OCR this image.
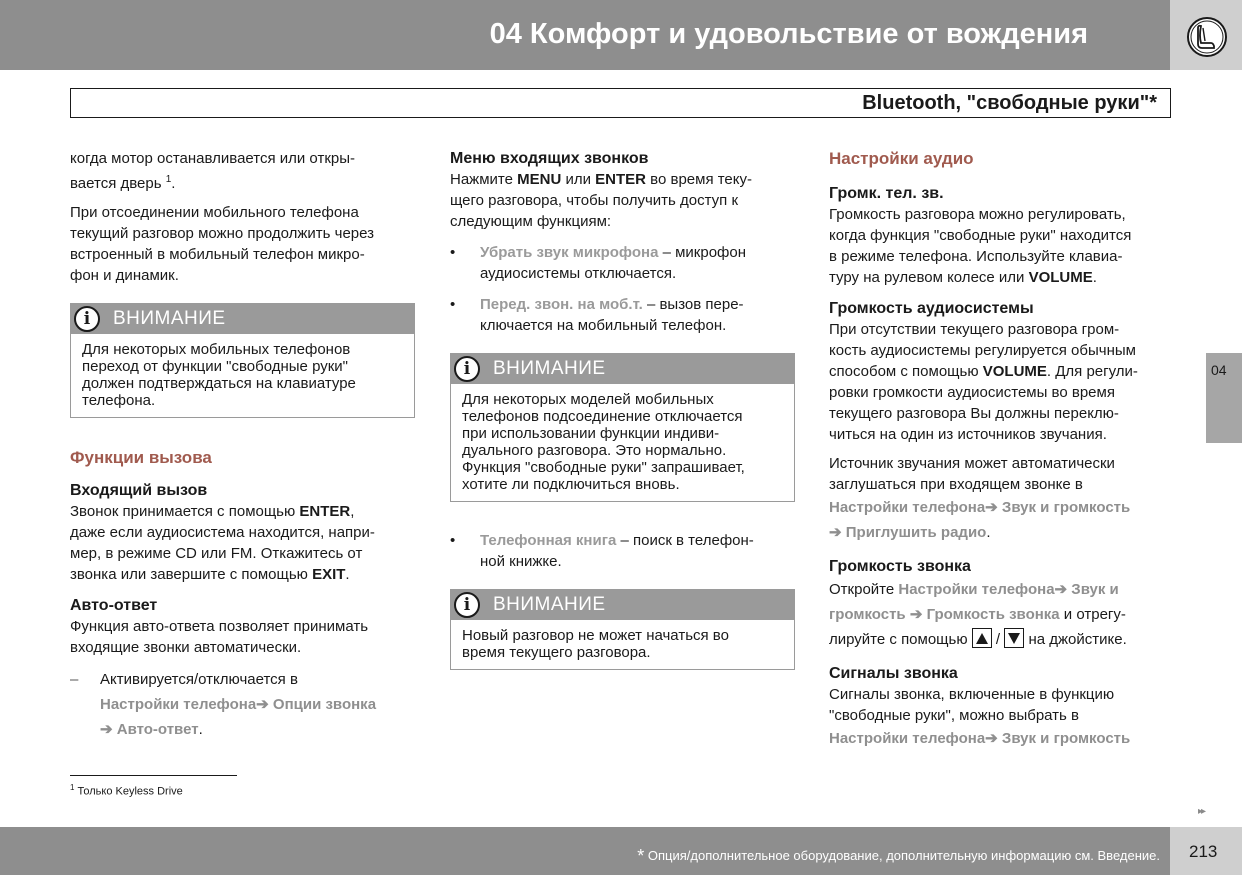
04 Комфорт и удовольствие от вождения
Bluetooth, "свободные руки"*

когда мотор останавливается или откры-
вается дверь $^1$.

При отсоединении мобильного телефона
текущий разговор можно продолжить через
встроенный в мобильный телефон микро-
фон и динамик.

i	ВНИМАНИЕ
Для некоторых мобильных телефонов
переход от функции "свободные руки"
должен подтверждаться на клавиатуре
телефона.
Функции вызова
Входящий вызов

Звонок принимается с помощью ENTER,
даже если аудиосистема находится, напри-
мер, в режиме CD или FM. Откажитесь от
звонка или завершите с помощью EXIT.

Авто-ответ

Функция авто-ответа позволяет принимать
входящие звонки автоматически.

– Активируется/отключается в
Настройки телефона➔ Опции звонка
➔ Авто-ответ.
Меню входящих звонков

Нажмите MENU или ENTER во время теку-
щего разговора, чтобы получить доступ к
следующим функциям:

• Убрать звук микрофона – микрофон
аудиосистемы отключается.
• Перед. звон. на моб.т. – вызов пере-
ключается на мобильный телефон.
i	ВНИМАНИЕ
Для некоторых моделей мобильных
телефонов подсоединение отключается
при использовании функции индиви-
дуального разговора. Это нормально.
Функция "свободные руки" запрашивает,
хотите ли подключиться вновь.
• Телефонная книга – поиск в телефон-
ной книжке.
i	ВНИМАНИЕ
Новый разговор не может начаться во
время текущего разговора.
Настройки аудио
Громк. тел. зв.

Громкость разговора можно регулировать,
когда функция "свободные руки" находится
в режиме телефона. Используйте клавиа-
туру на рулевом колесе или VOLUME.

Громкость аудиосистемы

При отсутствии текущего разговора гром-
кость аудиосистемы регулируется обычным
способом с помощью VOLUME. Для регули-
ровки громкости аудиосистемы во время
текущего разговора Вы должны переклю-
читься на один из источников звучания.

Источник звучания может автоматически
заглушаться при входящем звонке в
Настройки телефона➔ Звук и громкость
➔ Приглушить радио.

Громкость звонка

Откройте Настройки телефона➔ Звук и
громкость ➔ Громкость звонка и отрегу-
лируйте с помощью  /  на джойстике.

Сигналы звонка

Сигналы звонка, включенные в функцию
"свободные руки", можно выбрать в
Настройки телефона➔ Звук и громкость

04
$^1$ Только Keyless Drive
▸▸
* Опция/дополнительное оборудование, дополнительную информацию см. Введение. 213
